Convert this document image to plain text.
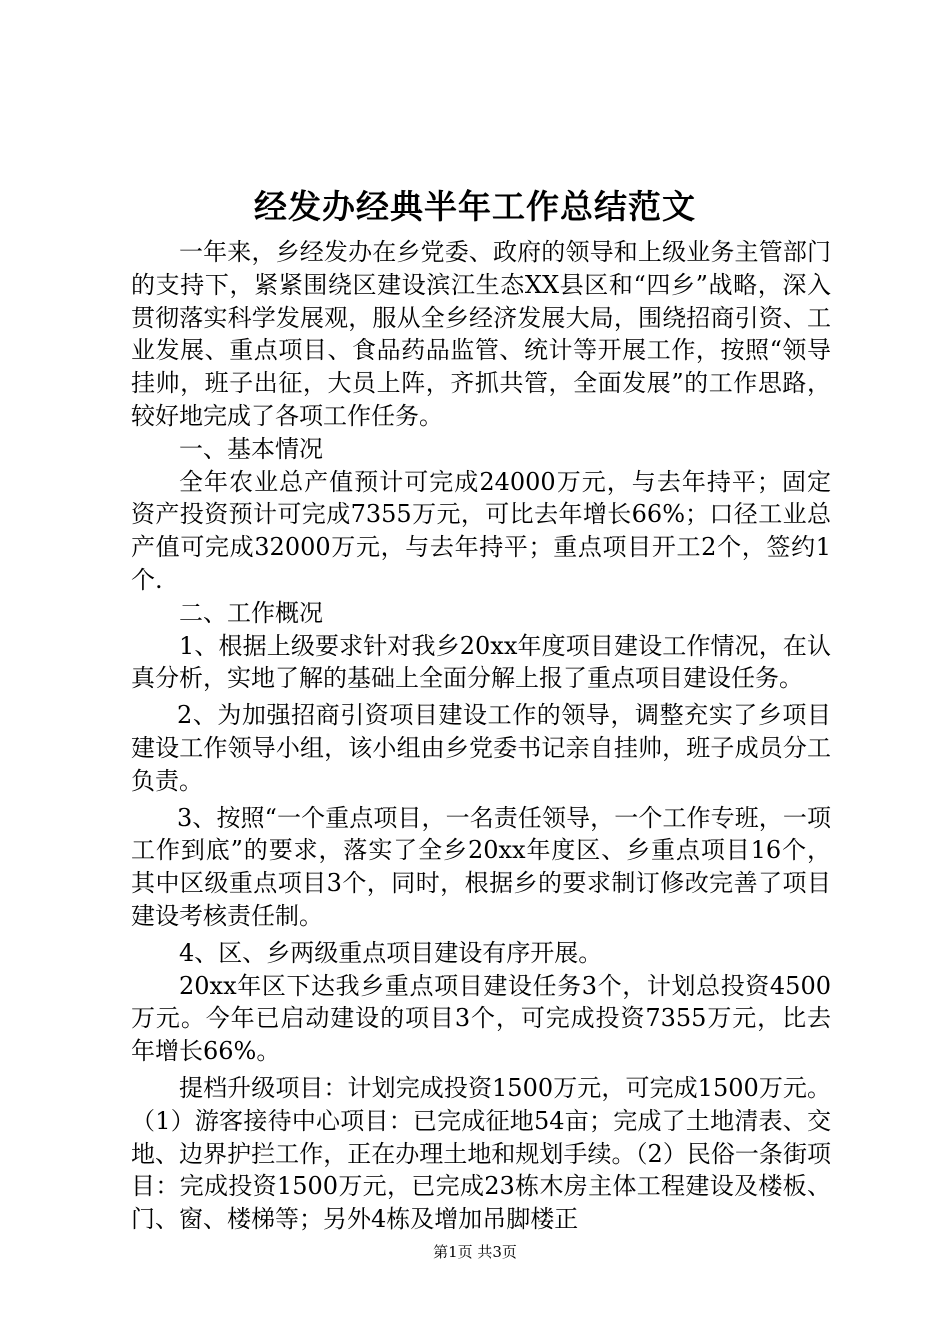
经发办经典半年工作总结范文

一年来，乡经发办在乡党委、政府的领导和上级业务主管部门的支持下，紧紧围绕区建设滨江生态XX县区和“四乡”战略，深入贯彻落实科学发展观，服从全乡经济发展大局，围绕招商引资、工业发展、重点项目、食品药品监管、统计等开展工作，按照“领导挂帅，班子出征，大员上阵，齐抓共管，全面发展”的工作思路，较好地完成了各项工作任务。

一、基本情况

全年农业总产值预计可完成24000万元，与去年持平；固定资产投资预计可完成7355万元，可比去年增长66%；口径工业总产值可完成32000万元，与去年持平；重点项目开工2个，签约1个.

二、工作概况

1、根据上级要求针对我乡20xx年度项目建设工作情况，在认真分析，实地了解的基础上全面分解上报了重点项目建设任务。

2、为加强招商引资项目建设工作的领导，调整充实了乡项目建设工作领导小组，该小组由乡党委书记亲自挂帅，班子成员分工负责。

3、按照“一个重点项目，一名责任领导，一个工作专班，一项工作到底”的要求，落实了全乡20xx年度区、乡重点项目16个，其中区级重点项目3个，同时，根据乡的要求制订修改完善了项目建设考核责任制。

4、区、乡两级重点项目建设有序开展。

20xx年区下达我乡重点项目建设任务3个，计划总投资4500万元。今年已启动建设的项目3个，可完成投资7355万元，比去年增长66%。

提档升级项目：计划完成投资1500万元，可完成1500万元。（1）游客接待中心项目：已完成征地54亩；完成了土地清表、交地、边界护拦工作，正在办理土地和规划手续。（2）民俗一条街项目：完成投资1500万元，已完成23栋木房主体工程建设及楼板、门、窗、楼梯等；另外4栋及增加吊脚楼正

第1页 共3页
